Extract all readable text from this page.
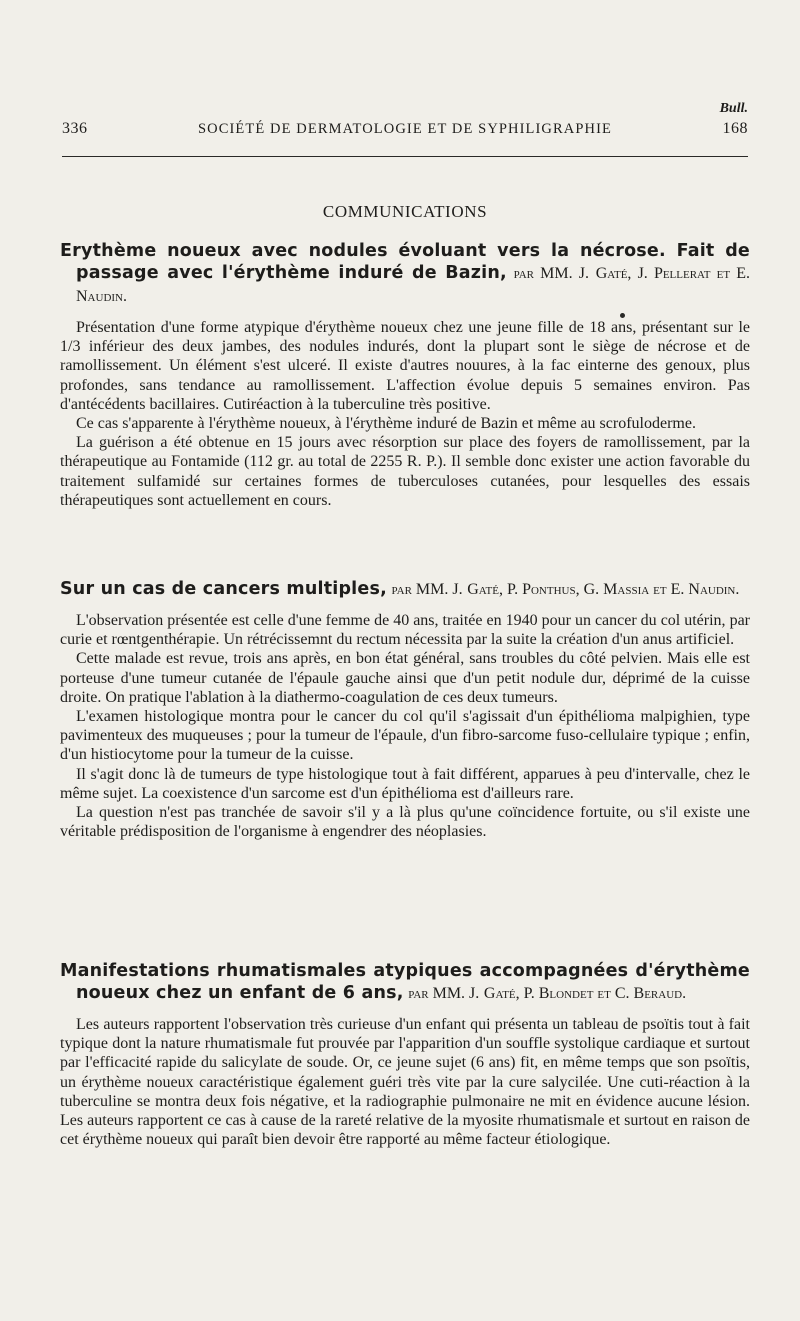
Bull.
336	SOCIÉTÉ DE DERMATOLOGIE ET DE SYPHILIGRAPHIE	168
COMMUNICATIONS
Erythème noueux avec nodules évoluant vers la nécrose. Fait de passage avec l'érythème induré de Bazin, par MM. J. Gaté, J. Pellerat et E. Naudin.

Présentation d'une forme atypique d'érythème noueux chez une jeune fille de 18 ans, présentant sur le 1/3 inférieur des deux jambes, des nodules indurés, dont la plupart sont le siège de nécrose et de ramollissement. Un élément s'est ulceré. Il existe d'autres nouures, à la fac einterne des genoux, plus profondes, sans tendance au ramollissement. L'affection évolue depuis 5 semaines environ. Pas d'antécédents bacillaires. Cutiréaction à la tuberculine très positive.

Ce cas s'apparente à l'érythème noueux, à l'érythème induré de Bazin et même au scrofuloderme.

La guérison a été obtenue en 15 jours avec résorption sur place des foyers de ramollissement, par la thérapeutique au Fontamide (112 gr. au total de 2255 R. P.). Il semble donc exister une action favorable du traitement sulfamidé sur certaines formes de tuberculoses cutanées, pour lesquelles des essais thérapeutiques sont actuellement en cours.

Sur un cas de cancers multiples, par MM. J. Gaté, P. Ponthus, G. Massia et E. Naudin.

L'observation présentée est celle d'une femme de 40 ans, traitée en 1940 pour un cancer du col utérin, par curie et rœntgenthérapie. Un rétrécissemnt du rectum nécessita par la suite la création d'un anus artificiel.

Cette malade est revue, trois ans après, en bon état général, sans troubles du côté pelvien. Mais elle est porteuse d'une tumeur cutanée de l'épaule gauche ainsi que d'un petit nodule dur, déprimé de la cuisse droite. On pratique l'ablation à la diathermo-coagulation de ces deux tumeurs.

L'examen histologique montra pour le cancer du col qu'il s'agissait d'un épithélioma malpighien, type pavimenteux des muqueuses ; pour la tumeur de l'épaule, d'un fibro-sarcome fuso-cellulaire typique ; enfin, d'un histiocytome pour la tumeur de la cuisse.

Il s'agit donc là de tumeurs de type histologique tout à fait différent, apparues à peu d'intervalle, chez le même sujet. La coexistence d'un sarcome est d'un épithélioma est d'ailleurs rare.

La question n'est pas tranchée de savoir s'il y a là plus qu'une coïncidence fortuite, ou s'il existe une véritable prédisposition de l'organisme à engendrer des néoplasies.

Manifestations rhumatismales atypiques accompagnées d'érythème noueux chez un enfant de 6 ans, par MM. J. Gaté, P. Blondet et C. Beraud.

Les auteurs rapportent l'observation très curieuse d'un enfant qui présenta un tableau de psoïtis tout à fait typique dont la nature rhumatismale fut prouvée par l'apparition d'un souffle systolique cardiaque et surtout par l'efficacité rapide du salicylate de soude. Or, ce jeune sujet (6 ans) fit, en même temps que son psoïtis, un érythème noueux caractéristique également guéri très vite par la cure salycilée. Une cuti-réaction à la tuberculine se montra deux fois négative, et la radiographie pulmonaire ne mit en évidence aucune lésion. Les auteurs rapportent ce cas à cause de la rareté relative de la myosite rhumatismale et surtout en raison de cet érythème noueux qui paraît bien devoir être rapporté au même facteur étiologique.
